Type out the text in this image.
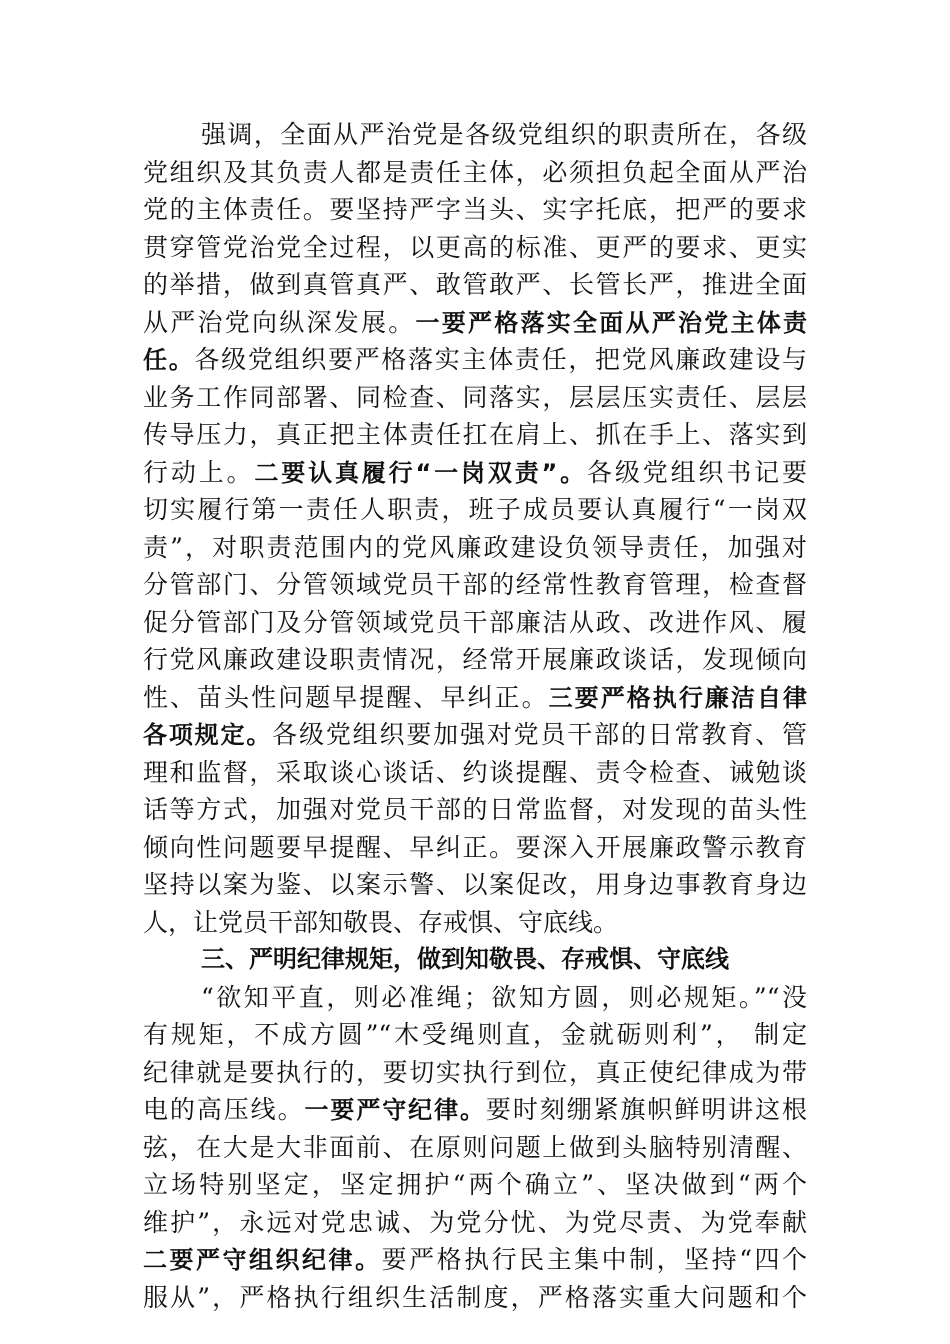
强调，全面从严治党是各级党组织的职责所在，各级
党组织及其负责人都是责任主体，必须担负起全面从严治
党的主体责任。要坚持严字当头、实字托底，把严的要求
贯穿管党治党全过程，以更高的标准、更严的要求、更实
的举措，做到真管真严、敢管敢严、长管长严，推进全面
从严治党向纵深发展。一要严格落实全面从严治党主体责
任。各级党组织要严格落实主体责任，把党风廉政建设与
业务工作同部署、同检查、同落实，层层压实责任、层层
传导压力，真正把主体责任扛在肩上、抓在手上、落实到
行动上。二要认真履行“一岗双责”。各级党组织书记要
切实履行第一责任人职责，班子成员要认真履行“一岗双
责”，对职责范围内的党风廉政建设负领导责任，加强对
分管部门、分管领域党员干部的经常性教育管理，检查督
促分管部门及分管领域党员干部廉洁从政、改进作风、履
行党风廉政建设职责情况，经常开展廉政谈话，发现倾向
性、苗头性问题早提醒、早纠正。三要严格执行廉洁自律
各项规定。各级党组织要加强对党员干部的日常教育、管
理和监督，采取谈心谈话、约谈提醒、责令检查、诫勉谈
话等方式，加强对党员干部的日常监督，对发现的苗头性
倾向性问题要早提醒、早纠正。要深入开展廉政警示教育
坚持以案为鉴、以案示警、以案促改，用身边事教育身边
人，让党员干部知敬畏、存戒惧、守底线。
三、严明纪律规矩，做到知敬畏、存戒惧、守底线
“欲知平直，则必准绳；欲知方圆，则必规矩。”“没
有规矩，不成方圆”“木受绳则直，金就砺则利”， 制定
纪律就是要执行的，要切实执行到位，真正使纪律成为带
电的高压线。一要严守纪律。要时刻绷紧旗帜鲜明讲这根
弦，在大是大非面前、在原则问题上做到头脑特别清醒、
立场特别坚定，坚定拥护“两个确立”、坚决做到“两个
维护”，永远对党忠诚、为党分忧、为党尽责、为党奉献
二要严守组织纪律。要严格执行民主集中制，坚持“四个
服从”，严格执行组织生活制度，严格落实重大问题和个
